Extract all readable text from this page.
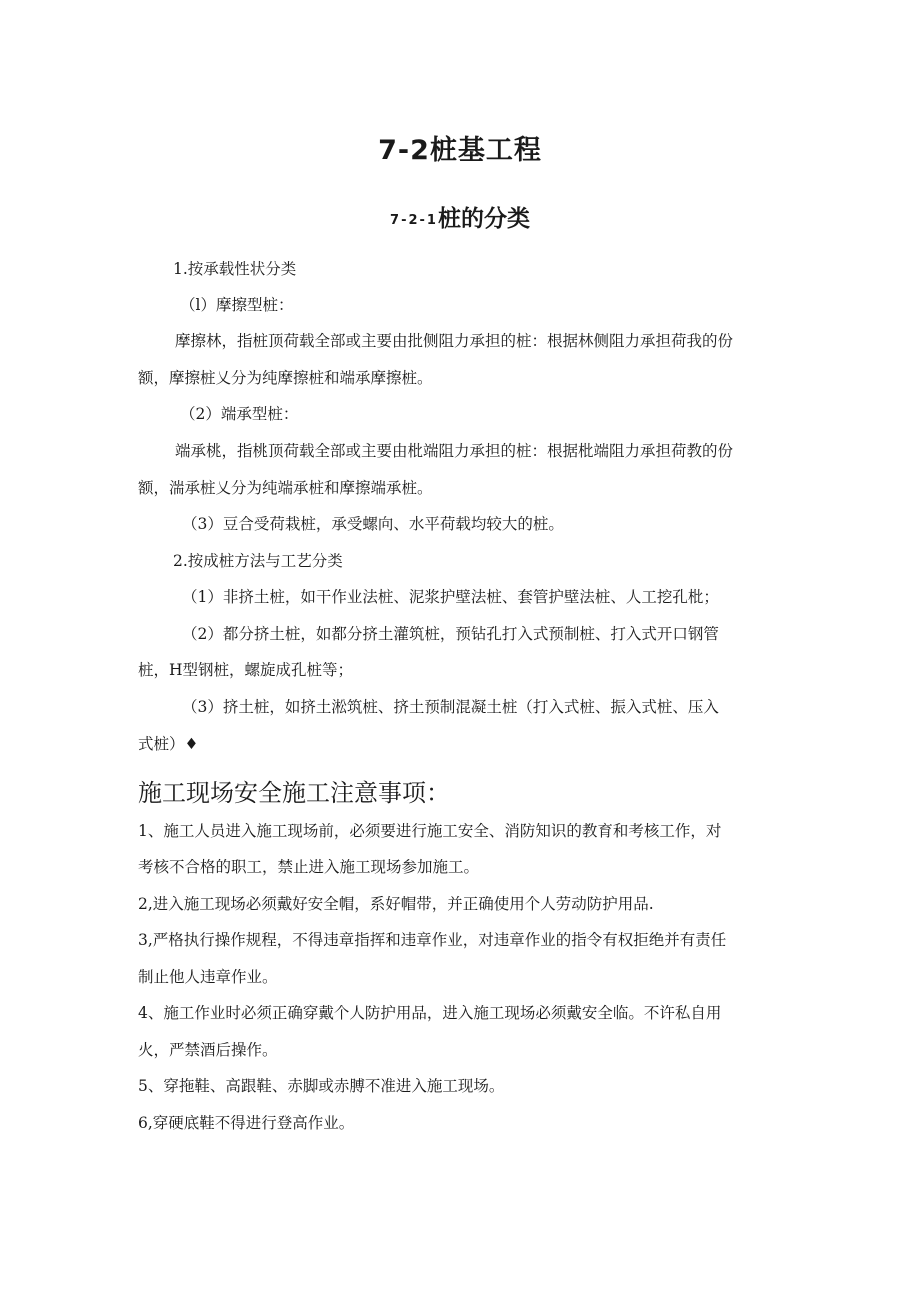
7-2桩基工程
7-2-1桩的分类
1.按承载性状分类
（l）摩擦型桩：
摩擦林，指桩顶荷载全部或主要由批侧阻力承担的桩：根据林侧阻力承担荷我的份
额，摩擦桩乂分为纯摩擦桩和端承摩擦桩。
（2）端承型桩：
端承桃，指桃顶荷载全部或主要由枇端阻力承担的桩：根据枇端阻力承担荷教的份
额，湍承桩乂分为纯端承桩和摩擦端承桩。
（3）豆合受荷栽桩，承受螺向、水平荷载均较大的桩。
2.按成桩方法与工艺分类
（1）非挤土桩，如干作业法桩、泥浆护壁法桩、套管护壁法桩、人工挖孔枇；
（2）都分挤土桩，如都分挤土灌筑桩，预钻孔打入式预制桩、打入式开口钢管
桩，H型钢桩，螺旋成孔桩等；
（3）挤土桩，如挤土淞筑桩、挤土预制混凝土桩（打入式桩、振入式桩、压入
式桩）♦
施工现场安全施工注意事项：
1、施工人员进入施工现场前，必须要进行施工安全、消防知识的教育和考核工作，对
考核不合格的职工，禁止进入施工现场参加施工。
2,进入施工现场必须戴好安全帽，系好帽带，并正确使用个人劳动防护用品.
3,严格执行操作规程，不得违章指挥和违章作业，对违章作业的指令有权拒绝并有责任
制止他人违章作业。
4、施工作业时必须正确穿戴个人防护用品，进入施工现场必须戴安全临。不许私自用
火，严禁酒后操作。
5、穿拖鞋、高跟鞋、赤脚或赤膊不准进入施工现场。
6,穿硬底鞋不得进行登高作业。
